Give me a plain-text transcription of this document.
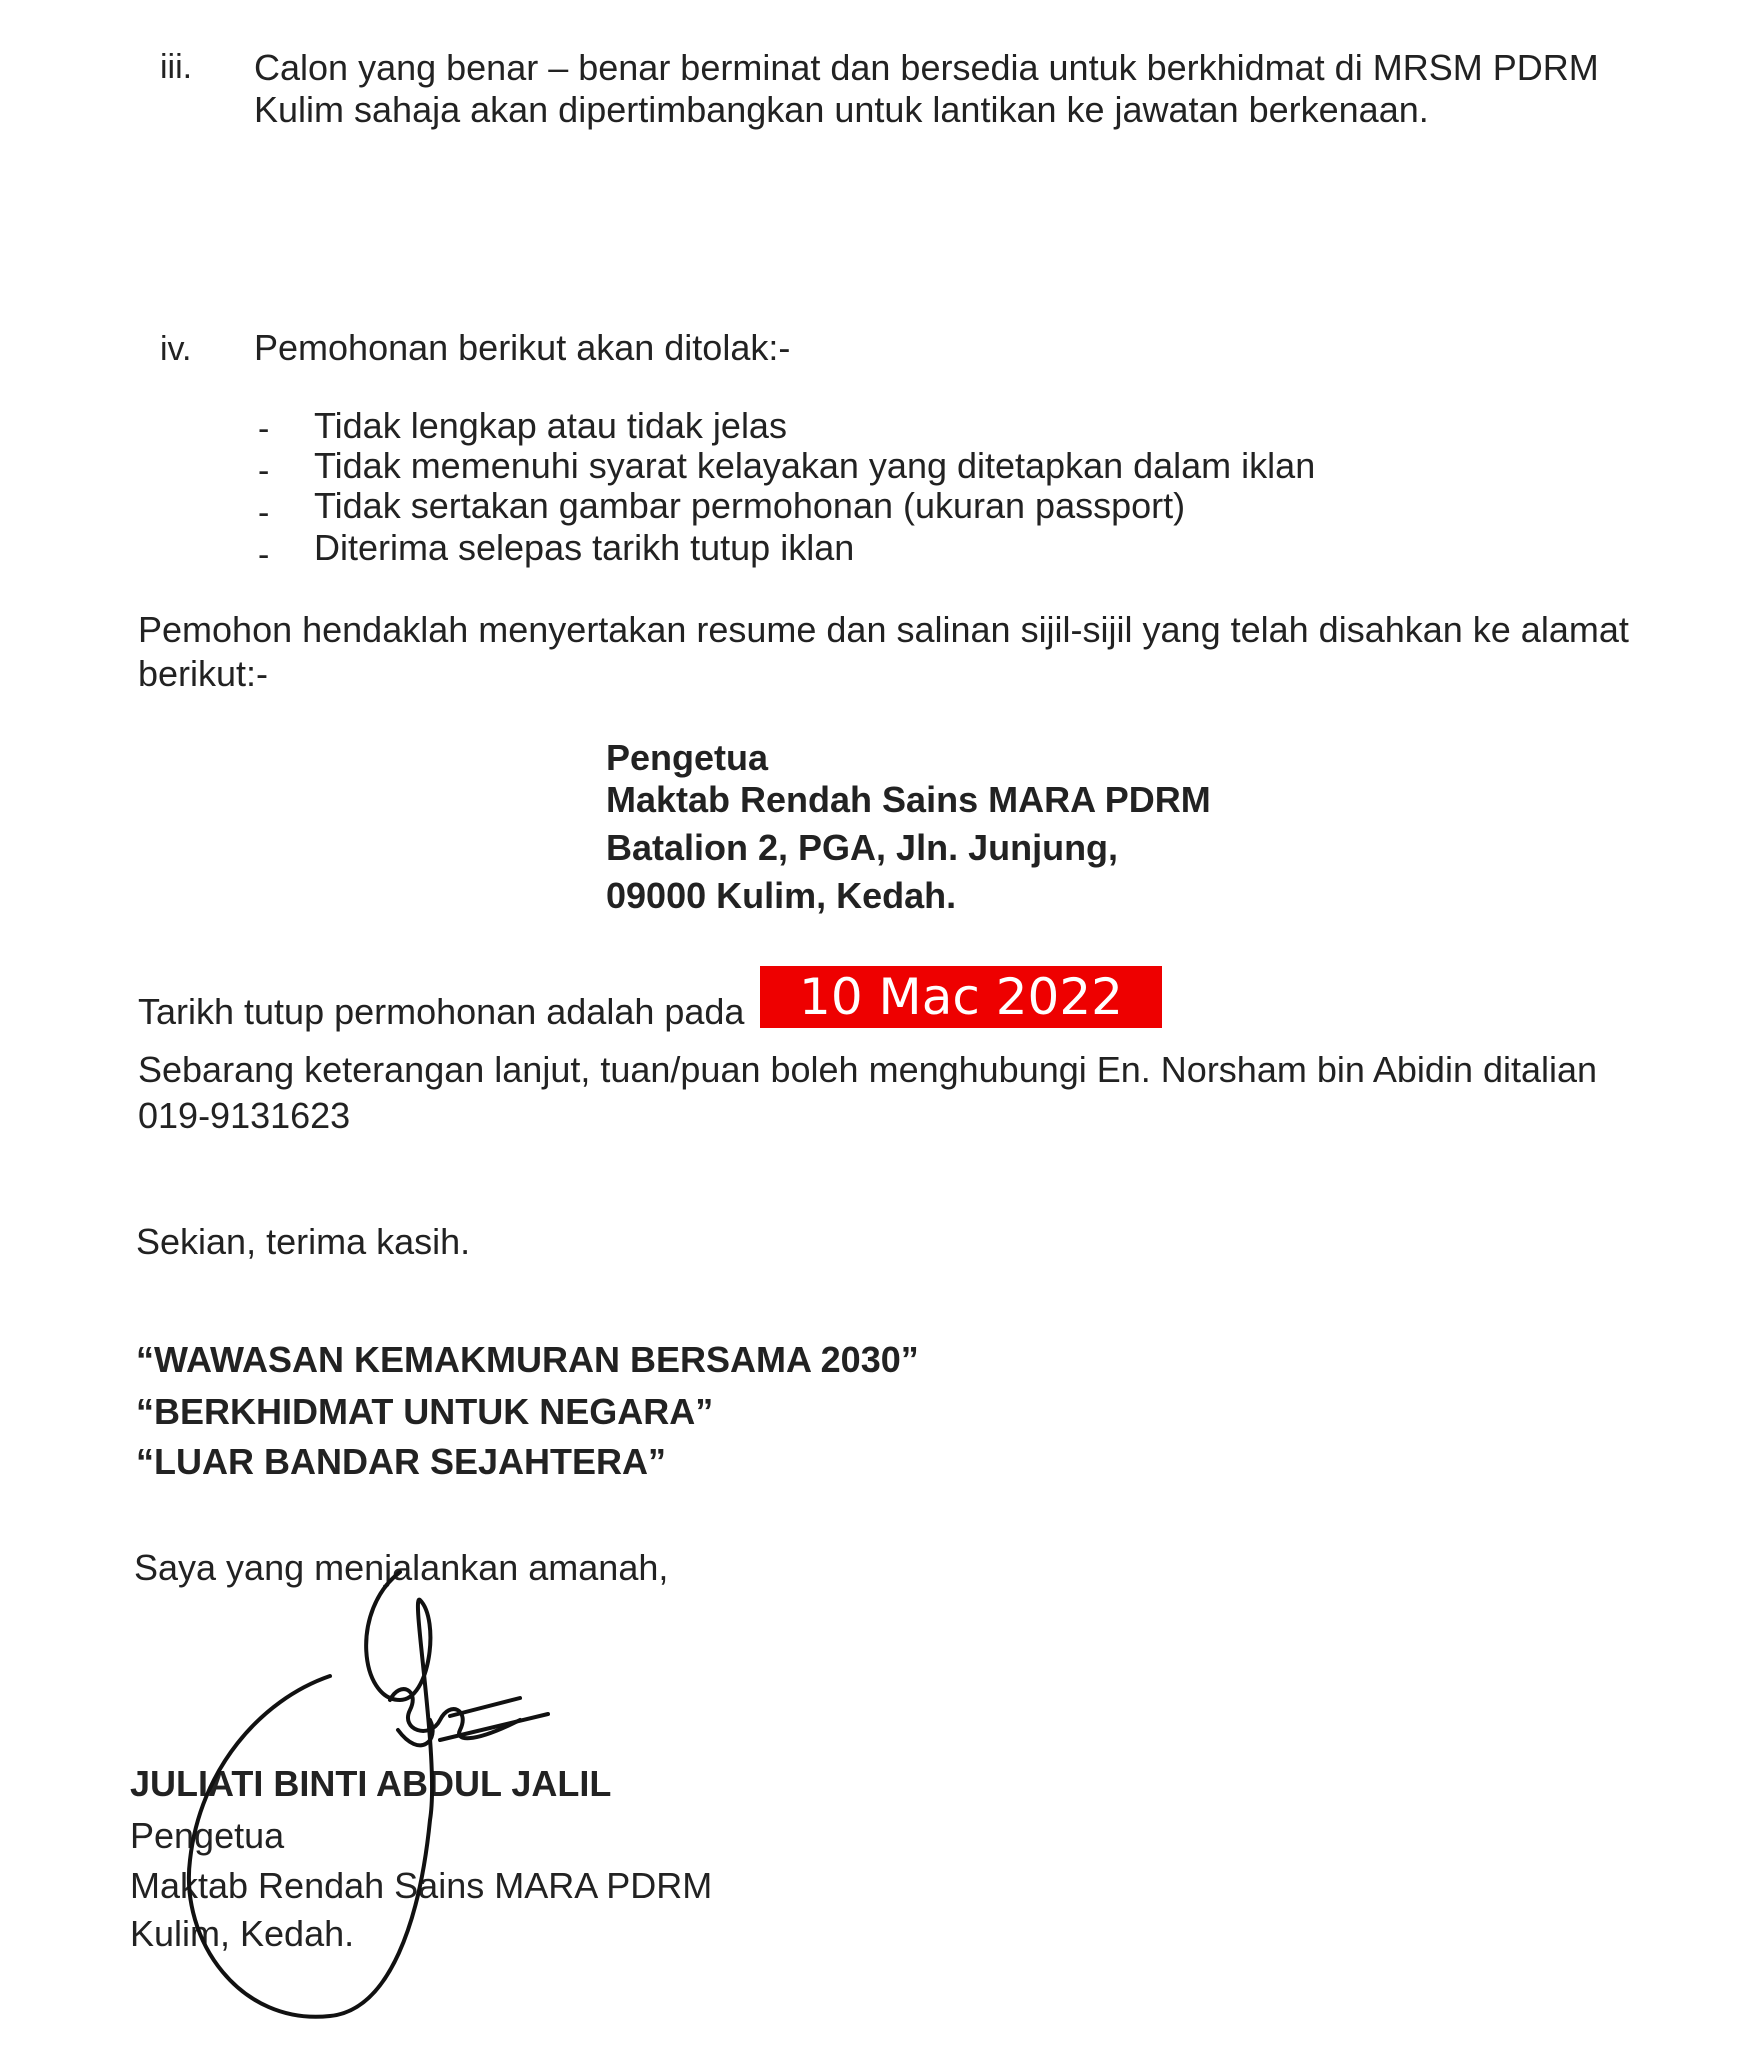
iii. Calon yang benar – benar berminat dan bersedia untuk berkhidmat di MRSM PDRM
Kulim sahaja akan dipertimbangkan untuk lantikan ke jawatan berkenaan.
iv. Pemohonan berikut akan ditolak:-
- Tidak lengkap atau tidak jelas
- Tidak memenuhi syarat kelayakan yang ditetapkan dalam iklan
- Tidak sertakan gambar permohonan (ukuran passport)
- Diterima selepas tarikh tutup iklan
Pemohon hendaklah menyertakan resume dan salinan sijil-sijil yang telah disahkan ke alamat
berikut:-
Pengetua
Maktab Rendah Sains MARA PDRM
Batalion 2, PGA, Jln. Junjung,
09000 Kulim, Kedah.
Tarikh tutup permohonan adalah pada	10 Mac 2022
Sebarang keterangan lanjut, tuan/puan boleh menghubungi En. Norsham bin Abidin ditalian
019-9131623
Sekian, terima kasih.
“WAWASAN KEMAKMURAN BERSAMA 2030”
“BERKHIDMAT UNTUK NEGARA”
“LUAR BANDAR SEJAHTERA”
Saya yang menjalankan amanah,
JULIATI BINTI ABDUL JALIL
Pengetua
Maktab Rendah Sains MARA PDRM
Kulim, Kedah.
